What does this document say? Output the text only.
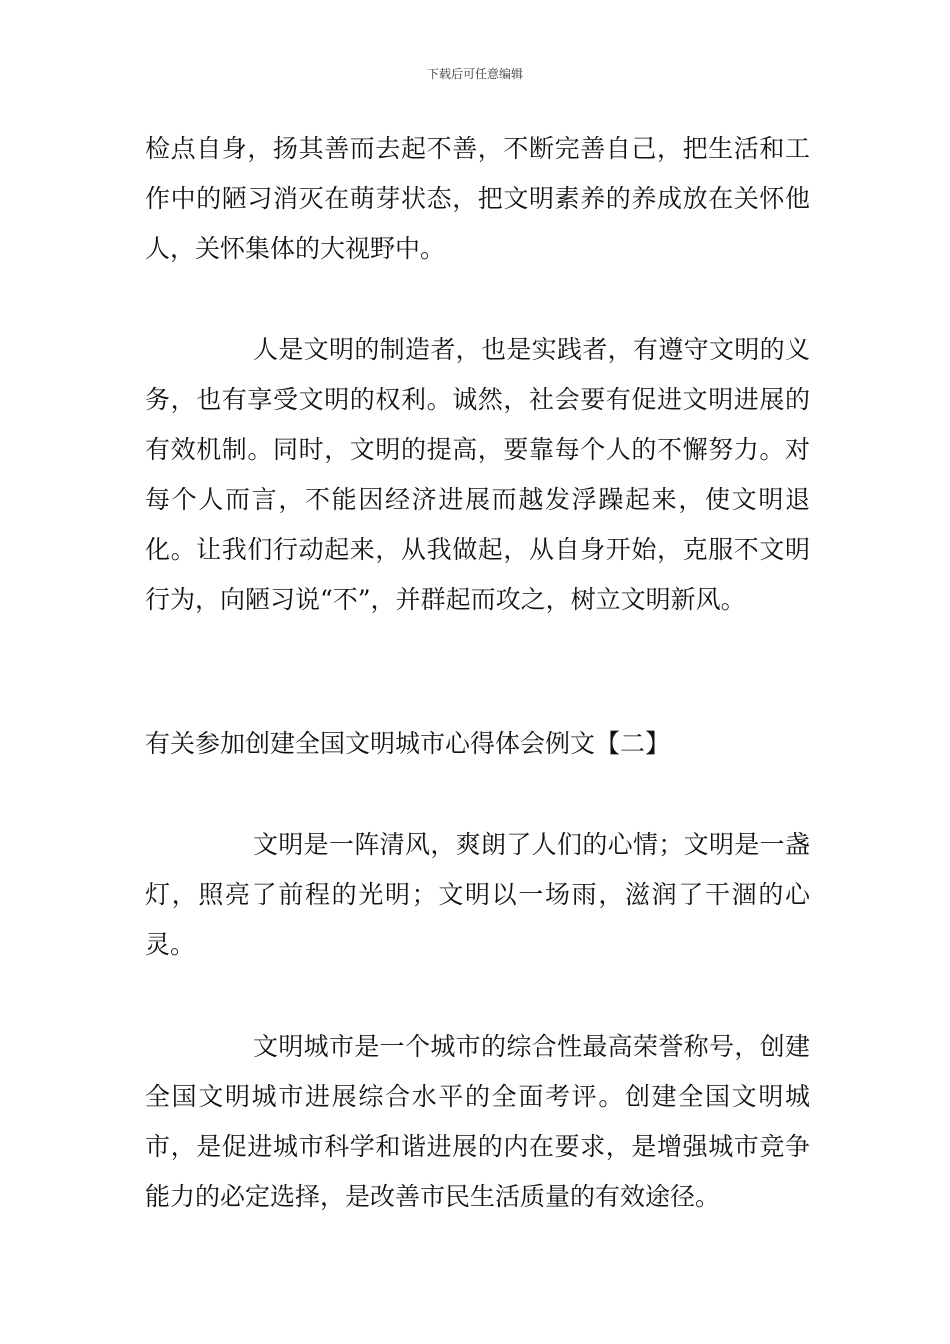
下载后可任意编辑

检点自身，扬其善而去起不善，不断完善自己，把生活和工作中的陋习消灭在萌芽状态，把文明素养的养成放在关怀他人，关怀集体的大视野中。

人是文明的制造者，也是实践者，有遵守文明的义务，也有享受文明的权利。诚然，社会要有促进文明进展的有效机制。同时，文明的提高，要靠每个人的不懈努力。对每个人而言，不能因经济进展而越发浮躁起来，使文明退化。让我们行动起来，从我做起，从自身开始，克服不文明行为，向陋习说“不”，并群起而攻之，树立文明新风。

有关参加创建全国文明城市心得体会例文【二】

文明是一阵清风，爽朗了人们的心情；文明是一盏灯，照亮了前程的光明；文明以一场雨，滋润了干涸的心灵。

文明城市是一个城市的综合性最高荣誉称号，创建全国文明城市进展综合水平的全面考评。创建全国文明城市，是促进城市科学和谐进展的内在要求，是增强城市竞争能力的必定选择，是改善市民生活质量的有效途径。
